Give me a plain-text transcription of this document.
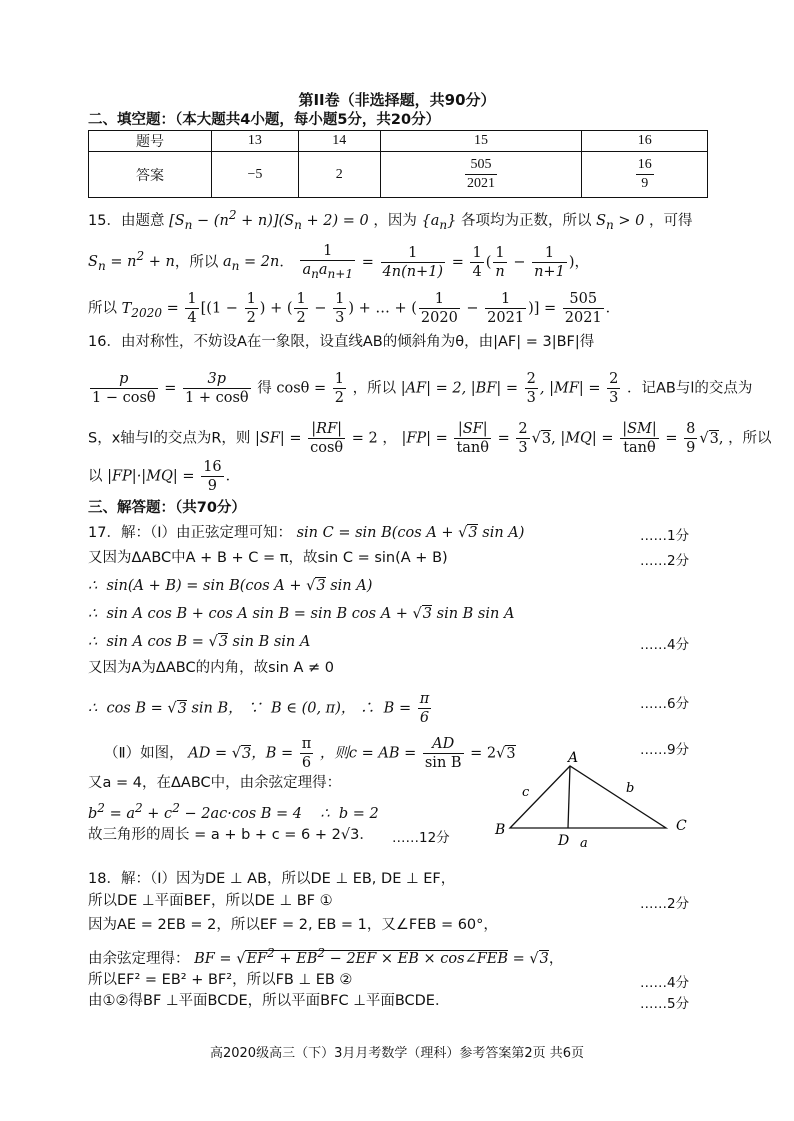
第II卷（非选择题，共90分）
二、填空题：（本大题共4小题，每小题5分，共20分）
题号	13	14	15	16
答案	−5	2	$\frac{505}{2021}$	$\frac{16}{9}$
15．由题意 $[S_n - (n^2 + n)](S_n + 2) = 0$ ，因为 $\{a_n\}$ 各项均为正数，所以 $S_n > 0$ ，可得
$S_n = n^2 + n$，所以 $a_n = 2n$．
1
$a_na_{n+1}$
= $\frac{1}{4n(n+1)} = \frac{1}{4}$ ( $\frac{1}{n} - \frac{1}{n+1}$ )，
所以 $T_{2020} = \frac{1}{4} [(1 - \frac{1}{2}$ ) + ( $\frac{1}{2} - \frac{1}{3}$ ) + … + ( $\frac{1}{2020} - \frac{1}{2021}$ )] = $\frac{505}{2021}$ ．
16．由对称性，不妨设A在一象限，设直线AB的倾斜角为θ，由|AF| = 3|BF|得
$\frac{p}{1 - \cos\theta} = \frac{3p}{1 + \cos\theta}$ 得 $\cos\theta = \frac{1}{2}$ ，所以 |AF| = 2, $|BF| = \frac{2}{3}$ , $|MF| = \frac{2}{3}$ ．记AB与l的交点为
S，x轴与l的交点为R，则 $|SF| = \frac{|RF|}{\cos\theta} = 2$ ， $|FP| = \frac{|SF|}{\tan\theta} = \frac{2}{3} √3$, $|MQ| = \frac{|SM|}{\tan\theta} = \frac{8}{9} √3$, ，所以
以 $|FP|\cdot|MQ| = \frac{16}{9}$ ．
三、解答题：（共70分）
17．解：（Ⅰ）由正弦定理可知： sin C = sin B(cos A + √3 sin A)	……1分
又因为ΔABC中A + B + C = π，故sin C = sin(A + B)	……2分
∴  sin(A + B) = sin B(cos A + √3 sin A)
∴  sin A cos B + cos A sin B = sin B cos A + √3 sin B sin A
∴  sin A cos B = √3 sin B sin A	……4分
又因为A为ΔABC的内角，故sin A ≠ 0
∴  cos B = √3 sin B， ∵  B ∈ (0, π)， ∴  $B = \frac{\pi}{6}$	……6分
（Ⅱ）如图， AD = √3，$B = \frac{\pi}{6}$ ，则c = AB = $\frac{AD}{\text{sin B}} = 2√3$	……9分
又a = 4，在ΔABC中，由余弦定理得：
$b^2 = a^2 + c^2 - 2ac\cdot\cos$ B = 4    ∴  b = 2
故三角形的周长 = a + b + c = 6 + 2√3． ……12分
A
B	C
D a
b
c
18．解：（Ⅰ）因为DE ⊥ AB，所以DE ⊥ EB, DE ⊥ EF，
所以DE ⊥平面BEF，所以DE ⊥ BF ①	……2分
因为AE = 2EB = 2，所以EF = 2, EB = 1，又∠FEB = 60°，
由余弦定理得： BF = $√EF^2 + EB^2 - 2EF$ × EB × cos∠FEB = √3，
所以EF² = EB² + BF²，所以FB ⊥ EB ②	……4分
由①②得BF ⊥平面BCDE，所以平面BFC ⊥平面BCDE．	……5分
高2020级高三（下）3月月考数学（理科）参考答案第2页 共6页
